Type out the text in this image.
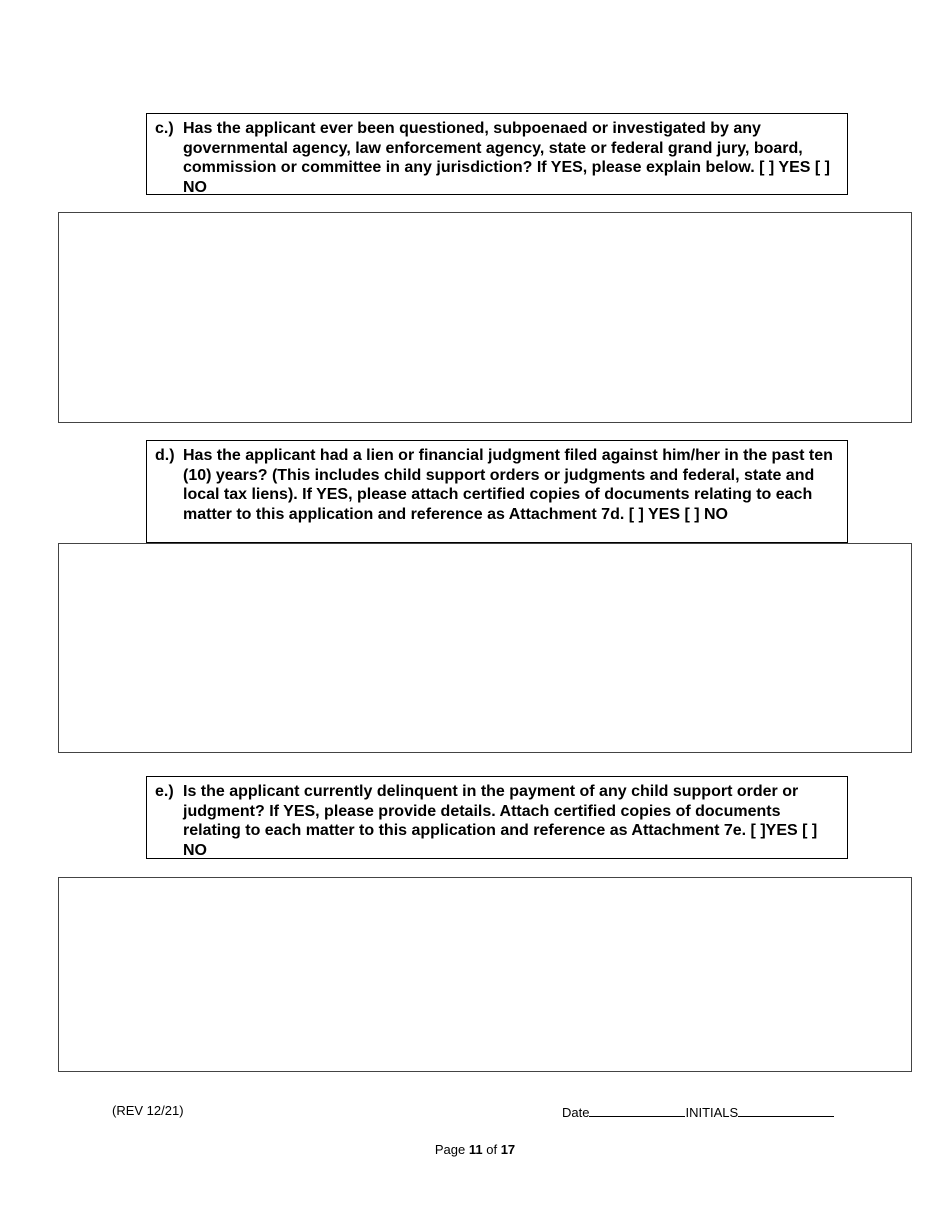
c.) Has the applicant ever been questioned, subpoenaed or investigated by any governmental agency, law enforcement agency, state or federal grand jury, board, commission or committee in any jurisdiction? If YES, please explain below. [ ] YES [ ] NO
d.) Has the applicant had a lien or financial judgment filed against him/her in the past ten (10) years? (This includes child support orders or judgments and federal, state and local tax liens). If YES, please attach certified copies of documents relating to each matter to this application and reference as Attachment 7d. [ ] YES [ ] NO
e.) Is the applicant currently delinquent in the payment of any child support order or judgment? If YES, please provide details. Attach certified copies of documents relating to each matter to this application and reference as Attachment 7e. [ ]YES [ ] NO
(REV 12/21)	Date	INITIALS
Page 11 of 17
